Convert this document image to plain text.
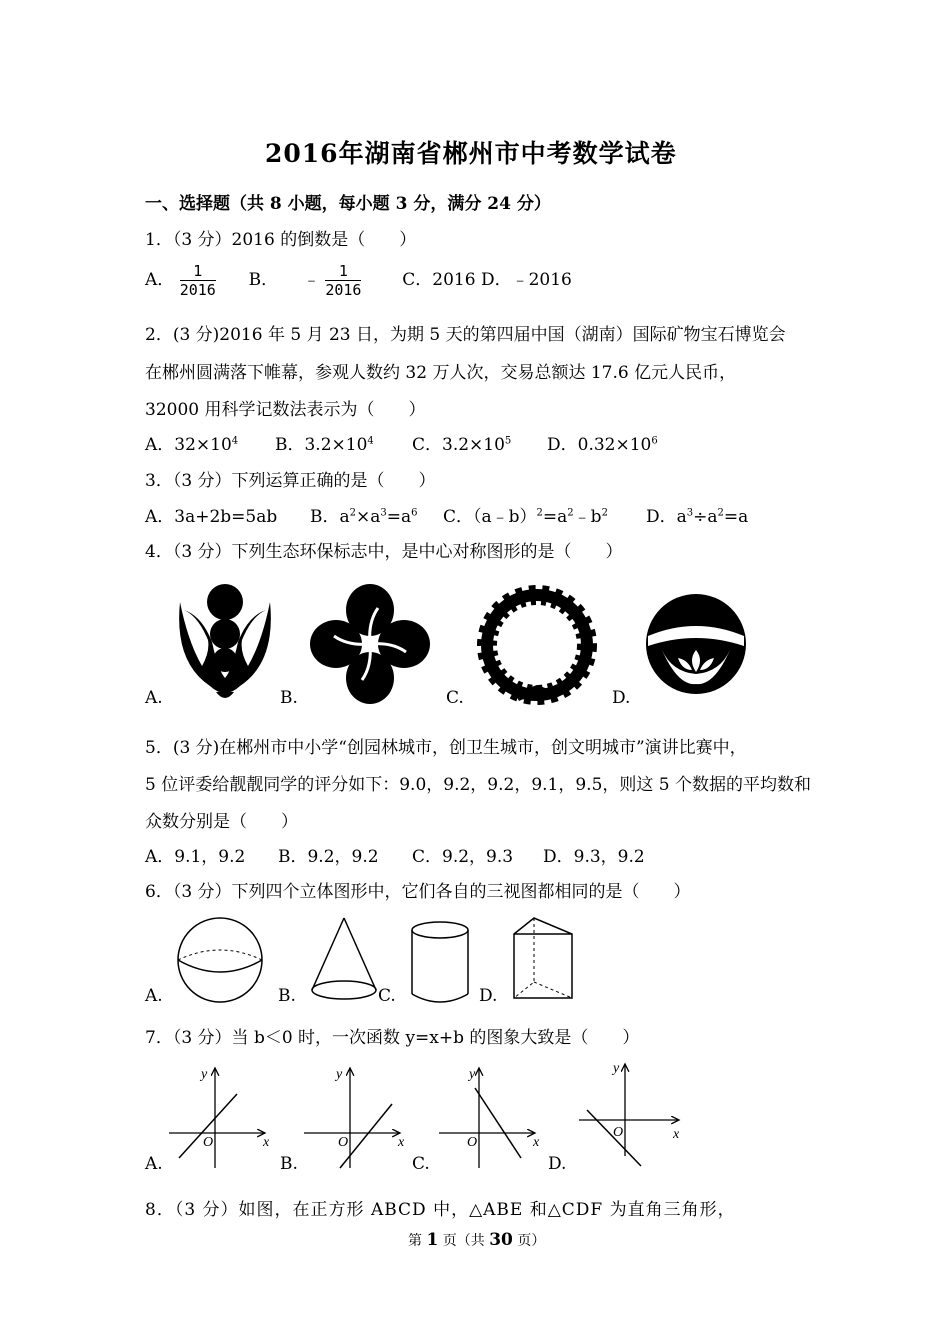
2016年湖南省郴州市中考数学试卷
一、选择题（共 8 小题，每小题 3 分，满分 24 分）
1．（3 分）2016 的倒数是（　　）
A． $\frac{1}{2016}$ B． ﹣ $\frac{1}{2016}$ C．2016 D．﹣2016
2．(3 分)2016 年 5 月 23 日，为期 5 天的第四届中国（湖南）国际矿物宝石博览会
在郴州圆满落下帷幕，参观人数约 32 万人次，交易总额达 17.6 亿元人民币，
32000 用科学记数法表示为（　　）
A．$32\times 10^4$ B．$3.2\times 10^4$ C．$3.2\times 10^5$ D．$0.32\times 10^6$
3．（3 分）下列运算正确的是（　　）
A．3a+2b=5ab B．$a^2\times a^3=a^6$ C．$(a﹣b)^2=a^2﹣b^2$ D．$a^3\div a^2=a$
4．（3 分）下列生态环保标志中，是中心对称图形的是（　　）
A.	B.	C.	D.
5．(3 分)在郴州市中小学“创园林城市，创卫生城市，创文明城市”演讲比赛中，
5 位评委给靓靓同学的评分如下：9.0，9.2，9.2，9.1，9.5，则这 5 个数据的平均数和
众数分别是（　　）
A．9.1，9.2 B．9.2，9.2 C．9.2，9.3 D．9.3，9.2
6．（3 分）下列四个立体图形中，它们各自的三视图都相同的是（　　）
A.	B.	C.	D.
7．（3 分）当 b＜0 时，一次函数 y=x+b 的图象大致是（　　）
O	x
y
O	x
y
O	x
y
O	x
y
A.	B.	C.	D.
8．（3 分）如图，在正方形 ABCD 中，△ABE 和△CDF 为直角三角形，
第 1 页（共 30 页）
